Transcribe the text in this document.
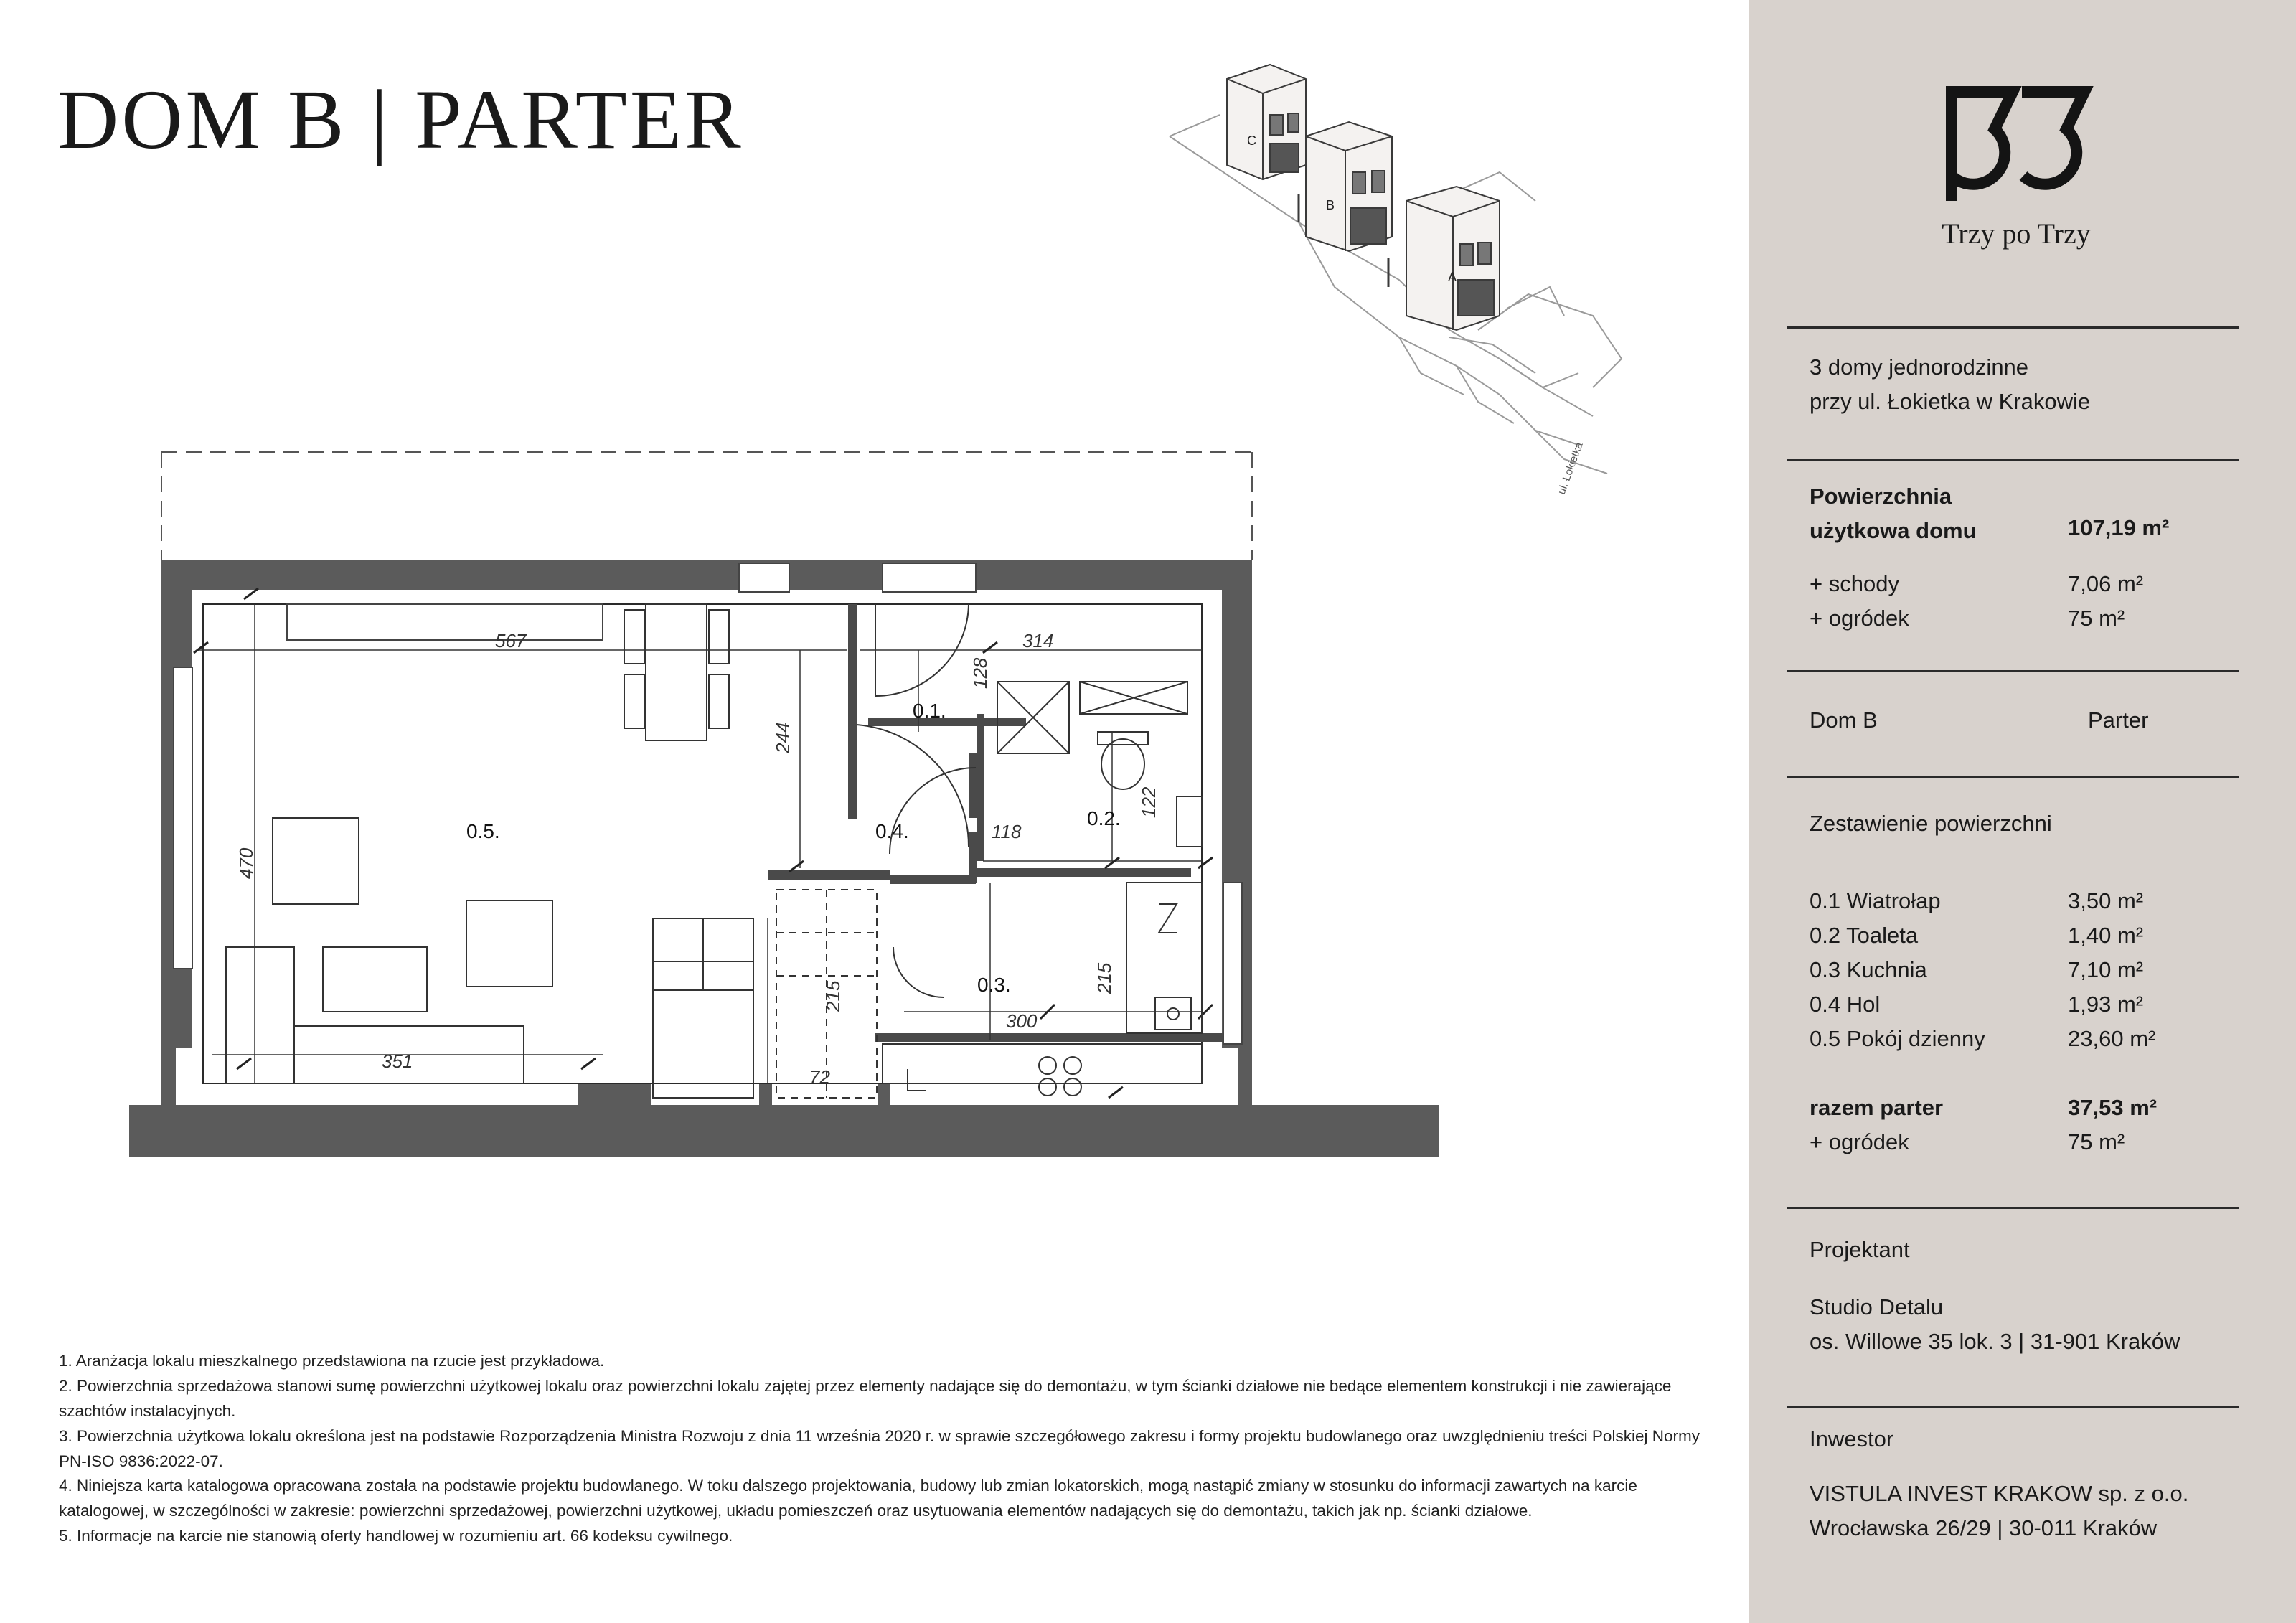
DOM B | PARTER	C
B
A
ul. Łokietka
0.5.
0.1.
0.4.
0.2.
0.3.
567	314
118
300
351
72
128
244
470
122
215
215

1. Aranżacja lokalu mieszkalnego przedstawiona na rzucie jest przykładowa.

2. Powierzchnia sprzedażowa stanowi sumę powierzchni użytkowej lokalu oraz powierzchni lokalu zajętej przez elementy nadające się do demontażu, w tym ścianki działowe nie bedące elementem konstrukcji i nie zawierające szachtów instalacyjnych.

3. Powierzchnia użytkowa lokalu określona jest na podstawie Rozporządzenia Ministra Rozwoju z dnia 11 września 2020 r. w sprawie szczegółowego zakresu i formy projektu budowlanego oraz uwzględnieniu treści Polskiej Normy PN-ISO 9836:2022-07.

4. Niniejsza karta katalogowa opracowana została na podstawie projektu budowlanego. W toku dalszego projektowania, budowy lub zmian lokatorskich, mogą nastąpić zmiany w stosunku do informacji zawartych na karcie katalogowej, w szczególności w zakresie: powierzchni sprzedażowej, powierzchni użytkowej, układu pomieszczeń oraz usytuowania elementów nadających się do demontażu, takich jak np. ścianki działowe.

5. Informacje na karcie nie stanowią oferty handlowej w rozumieniu art. 66 kodeksu cywilnego.

Trzy po Trzy
3 domy jednorodzinne
przy ul. Łokietka w Krakowie
Powierzchnia
użytkowa domu	107,19 m²
+ schody	7,06 m²
+ ogródek	75 m²
Dom B	Parter
Zestawienie powierzchni
0.1 Wiatrołap	3,50 m²
0.2 Toaleta	1,40 m²
0.3 Kuchnia	7,10 m²
0.4 Hol	1,93 m²
0.5 Pokój dzienny	23,60 m²
razem parter	37,53 m²
+ ogródek	75 m²
Projektant
Studio Detalu
os. Willowe 35 lok. 3 | 31-901 Kraków
Inwestor
VISTULA INVEST KRAKOW sp. z o.o.
Wrocławska 26/29 | 30-011 Kraków
